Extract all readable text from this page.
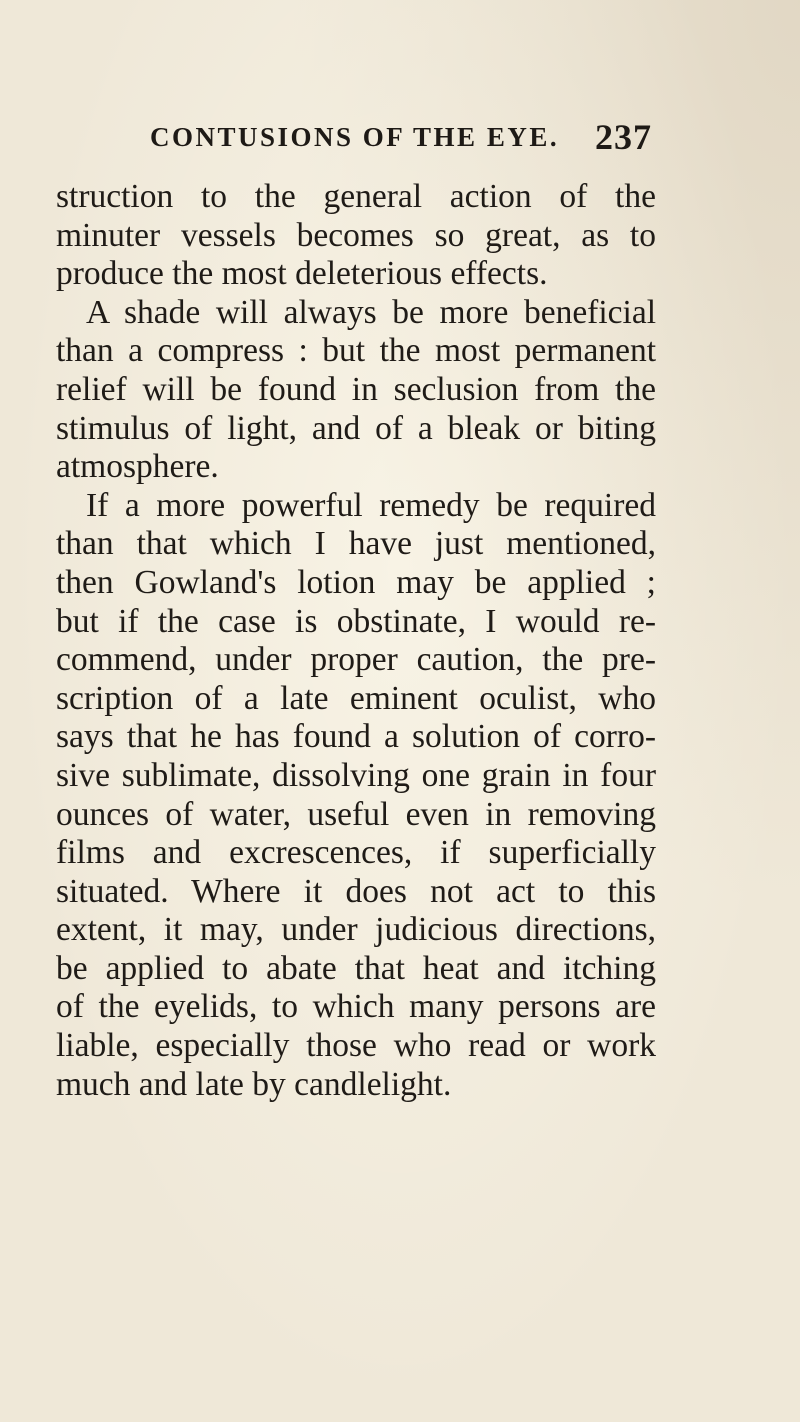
CONTUSIONS OF THE EYE. 237
struction to the general action of the
minuter vessels becomes so great, as to
produce the most deleterious effects.
A shade will always be more beneficial
than a compress : but the most permanent
relief will be found in seclusion from the
stimulus of light, and of a bleak or biting
atmosphere.
If a more powerful remedy be required
than that which I have just mentioned,
then Gowland's lotion may be applied ;
but if the case is obstinate, I would re-
commend, under proper caution, the pre-
scription of a late eminent oculist, who
says that he has found a solution of corro-
sive sublimate, dissolving one grain in four
ounces of water, useful even in removing
films and excrescences, if superficially
situated. Where it does not act to this
extent, it may, under judicious directions,
be applied to abate that heat and itching
of the eyelids, to which many persons are
liable, especially those who read or work
much and late by candlelight.
